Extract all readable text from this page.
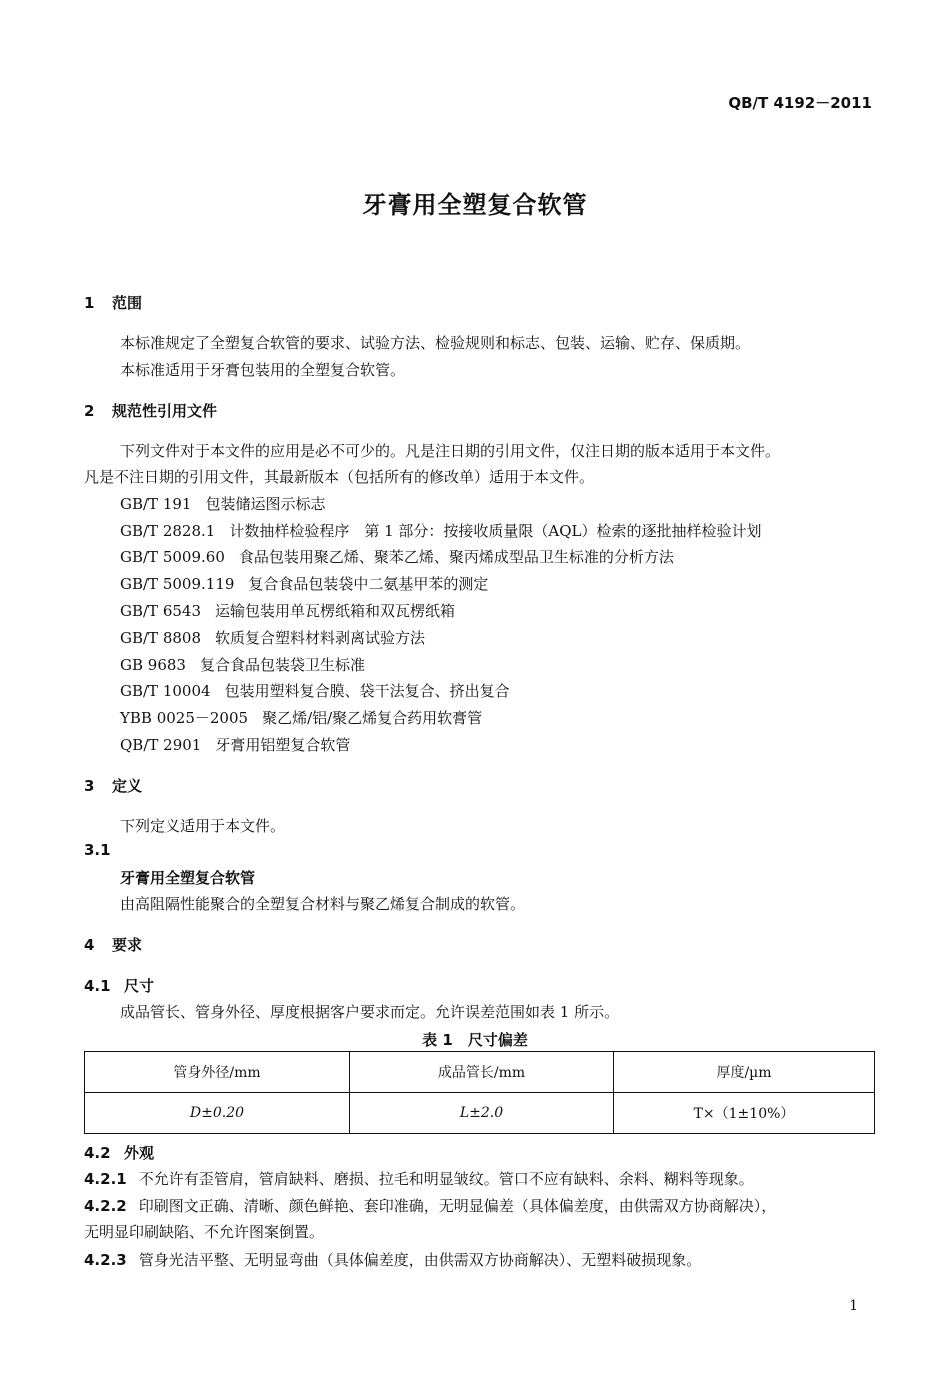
QB/T 4192－2011
牙膏用全塑复合软管
1 范围
本标准规定了全塑复合软管的要求、试验方法、检验规则和标志、包装、运输、贮存、保质期。
本标准适用于牙膏包装用的全塑复合软管。
2 规范性引用文件
下列文件对于本文件的应用是必不可少的。凡是注日期的引用文件，仅注日期的版本适用于本文件。
凡是不注日期的引用文件，其最新版本（包括所有的修改单）适用于本文件。
GB/T 191 包装储运图示标志
GB/T 2828.1 计数抽样检验程序　第 1 部分：按接收质量限（AQL）检索的逐批抽样检验计划
GB/T 5009.60 食品包装用聚乙烯、聚苯乙烯、聚丙烯成型品卫生标准的分析方法
GB/T 5009.119 复合食品包装袋中二氨基甲苯的测定
GB/T 6543 运输包装用单瓦楞纸箱和双瓦楞纸箱
GB/T 8808 软质复合塑料材料剥离试验方法
GB 9683 复合食品包装袋卫生标准
GB/T 10004 包装用塑料复合膜、袋干法复合、挤出复合
YBB 0025－2005 聚乙烯/铝/聚乙烯复合药用软膏管
QB/T 2901 牙膏用铝塑复合软管
3 定义
下列定义适用于本文件。
3.1
牙膏用全塑复合软管
由高阻隔性能聚合的全塑复合材料与聚乙烯复合制成的软管。
4 要求
4.1 尺寸
成品管长、管身外径、厚度根据客户要求而定。允许误差范围如表 1 所示。
表 1　尺寸偏差
管身外径/mm	成品管长/mm	厚度/µm
D±0.20	L±2.0	T×（1±10%）
4.2 外观
4.2.1 不允许有歪管肩，管肩缺料、磨损、拉毛和明显皱纹。管口不应有缺料、余料、糊料等现象。
4.2.2 印刷图文正确、清晰、颜色鲜艳、套印准确，无明显偏差（具体偏差度，由供需双方协商解决），
无明显印刷缺陷、不允许图案倒置。
4.2.3 管身光洁平整、无明显弯曲（具体偏差度，由供需双方协商解决）、无塑料破损现象。
1
